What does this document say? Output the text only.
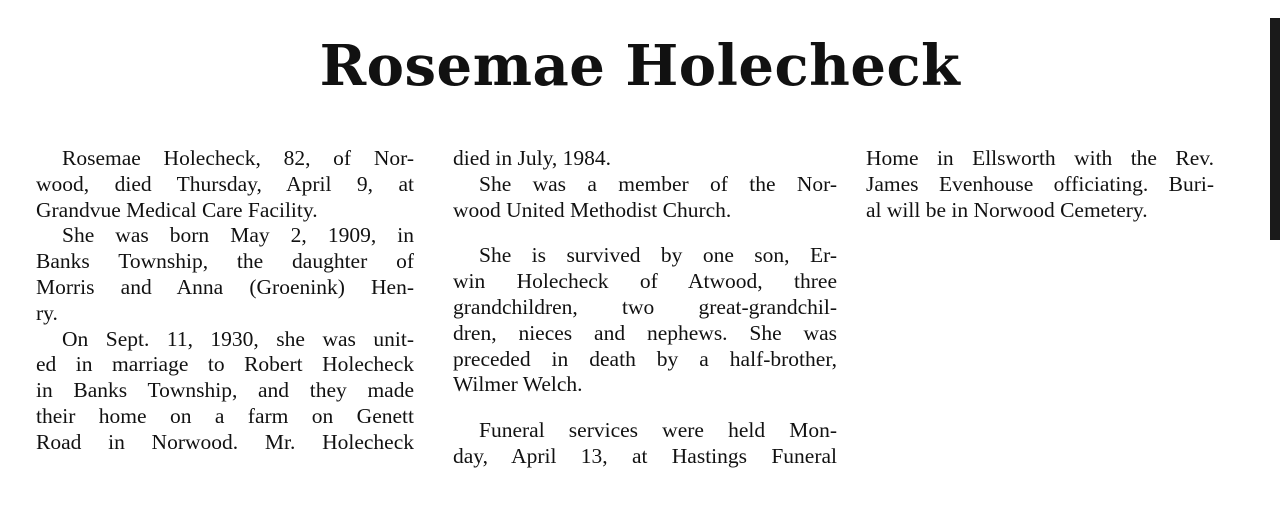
Rosemae Holecheck
Rosemae Holecheck, 82, of Nor-
wood, died Thursday, April 9, at
Grandvue Medical Care Facility.
She was born May 2, 1909, in
Banks Township, the daughter of
Morris and Anna (Groenink) Hen-
ry.
On Sept. 11, 1930, she was unit-
ed in marriage to Robert Holecheck
in Banks Township, and they made
their home on a farm on Genett
Road in Norwood. Mr. Holecheck
died in July, 1984.
She was a member of the Nor-
wood United Methodist Church.
She is survived by one son, Er-
win Holecheck of Atwood, three
grandchildren, two great-grandchil-
dren, nieces and nephews. She was
preceded in death by a half-brother,
Wilmer Welch.
Funeral services were held Mon-
day, April 13, at Hastings Funeral
Home in Ellsworth with the Rev.
James Evenhouse officiating. Buri-
al will be in Norwood Cemetery.
